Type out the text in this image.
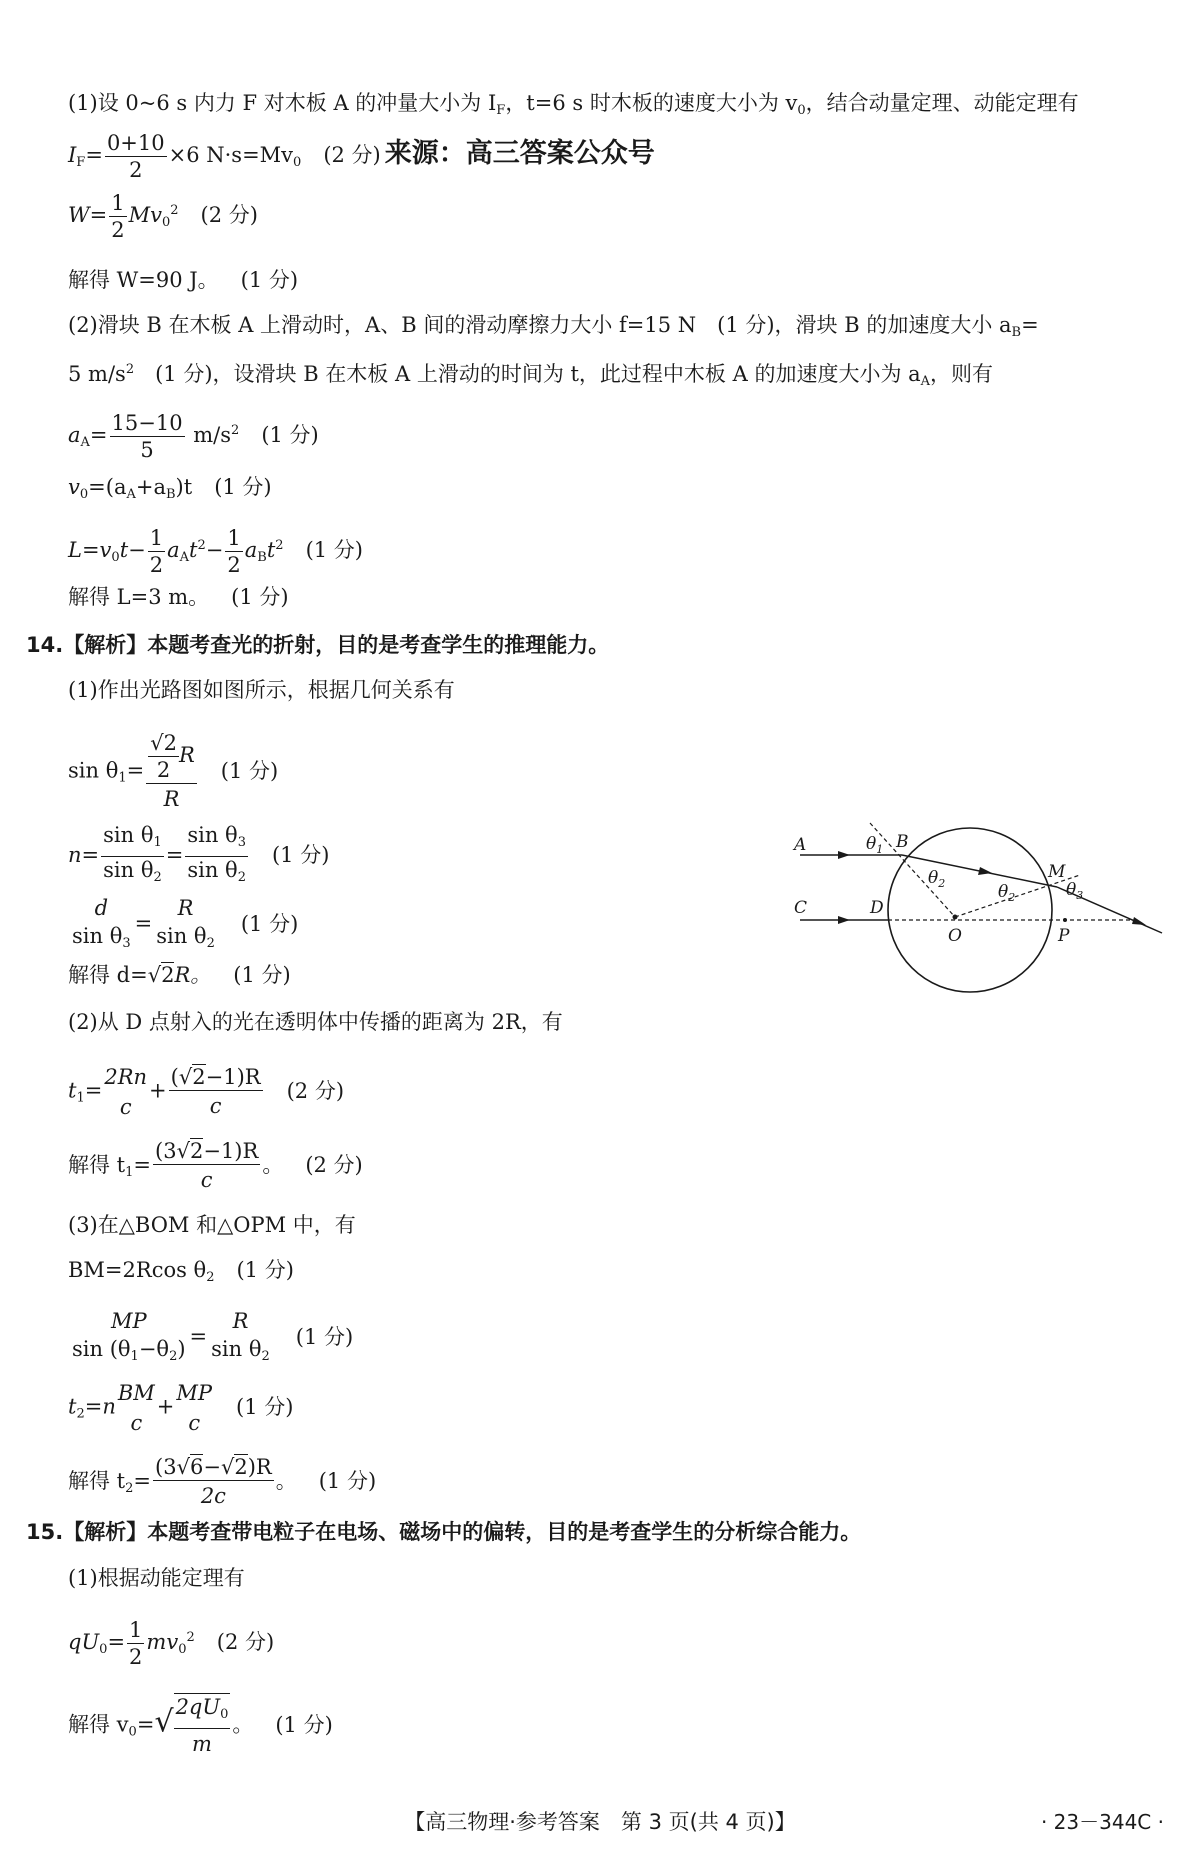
(1)设 0~6 s 内力 F 对木板 A 的冲量大小为 $I_F$，t=6 s 时木板的速度大小为 $v_0$，结合动量定理、动能定理有
$I_F= \frac{0+10}{2} \times 6$ $N\cdot s=Mv_0$ (2 分) 来源：高三答案公众号
$W= \frac{1}{2} Mv_0^2$ (2 分)
解得 W=90 J。 (1 分)
(2)滑块 B 在木板 A 上滑动时，A、B 间的滑动摩擦力大小 f=15 N　(1 分)，滑块 B 的加速度大小 $a_B=$
5 $m/s^2$　(1 分)，设滑块 B 在木板 A 上滑动的时间为 t，此过程中木板 A 的加速度大小为 $a_A$，则有
$a_A= \frac{15-10}{5} m/s^2$ (1 分)
$v_0=(a_A+a_B)t$ (1 分)
$L=v_0t- \frac{1}{2} a_At^2- \frac{1}{2} a_Bt^2$ (1 分)
解得 L=3 m。 (1 分)
14.【解析】本题考查光的折射，目的是考查学生的推理能力。
(1)作出光路图如图所示，根据几何关系有
$\sin \theta_1= \frac{\frac{√2}{2} R}{R} (1$ 分)
$n= \frac{\sin \theta_1}{\sin \theta_2} = \frac{\sin \theta_3}{\sin \theta_2} (1$ 分)
d
$\sin \theta_3$
=
R
$\sin \theta_2$
(1 分)
解得 d=√2R。 (1 分)
(2)从 D 点射入的光在透明体中传播的距离为 2R，有
$t_1=$
2Rn
$c+ \frac{(√2-1)R}{c} (2$ 分)
解得 $t_1= \frac{(3√2-1)R}{c}$。 (2 分)
(3)在△BOM 和△OPM 中，有
BM=2Rcos $\theta_2$ (1 分)
MP
$\sin (\theta_1-\theta_2)$
=
R
$\sin \theta_2$
(1 分)
$t_2=n$
BM
c+
MP
c(1 分)
解得 $t_2= \frac{(3√6-√2)R}{2c}$。 (1 分)
15.【解析】本题考查带电粒子在电场、磁场中的偏转，目的是考查学生的分析综合能力。
(1)根据动能定理有
$qU_0= \frac{1}{2} mv_0^2$ (2 分)
解得 $v_0=√ \frac{2qU_0}{m}$。 (1 分)
A	B
C	D
O
M
P
$\theta_1$
$\theta_2$	$\theta_2$	$\theta_3$
【高三物理·参考答案　第 3 页(共 4 页)】	· 23－344C ·
